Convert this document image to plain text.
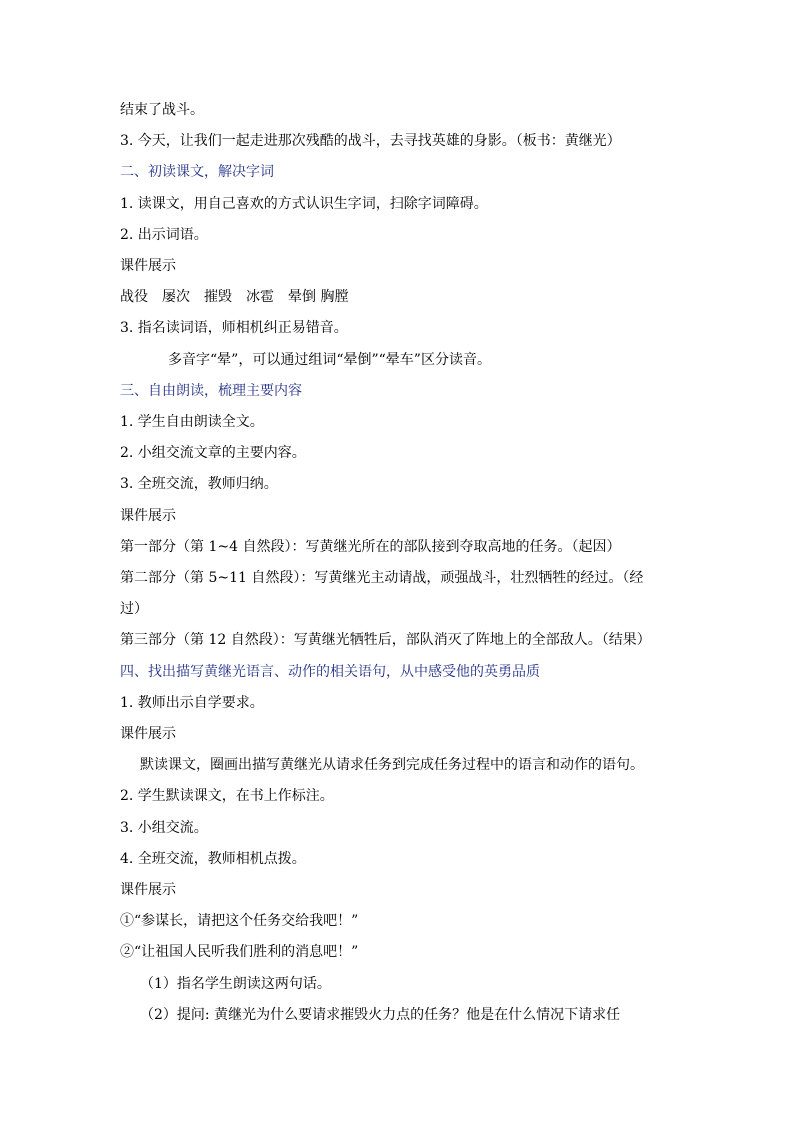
结束了战斗。
3. 今天，让我们一起走进那次残酷的战斗，去寻找英雄的身影。（板书：黄继光）
二、初读课文，解决字词
1. 读课文，用自己喜欢的方式认识生字词，扫除字词障碍。
2. 出示词语。
课件展示
战役　屡次　摧毁　冰雹　晕倒 胸膛
3. 指名读词语，师相机纠正易错音。
多音字“晕”，可以通过组词“晕倒”“晕车”区分读音。
三、自由朗读，梳理主要内容
1. 学生自由朗读全文。
2. 小组交流文章的主要内容。
3. 全班交流，教师归纳。
课件展示
第一部分（第 1~4 自然段）：写黄继光所在的部队接到夺取高地的任务。（起因）
第二部分（第 5~11 自然段）：写黄继光主动请战，顽强战斗，壮烈牺牲的经过。（经
过）
第三部分（第 12 自然段）：写黄继光牺牲后，部队消灭了阵地上的全部敌人。（结果）
四、找出描写黄继光语言、动作的相关语句，从中感受他的英勇品质
1. 教师出示自学要求。
课件展示
默读课文，圈画出描写黄继光从请求任务到完成任务过程中的语言和动作的语句。
2. 学生默读课文，在书上作标注。
3. 小组交流。
4. 全班交流，教师相机点拨。
课件展示
①“参谋长，请把这个任务交给我吧！”
②“让祖国人民听我们胜利的消息吧！”
（1）指名学生朗读这两句话。
（2）提问: 黄继光为什么要请求摧毁火力点的任务？他是在什么情况下请求任
